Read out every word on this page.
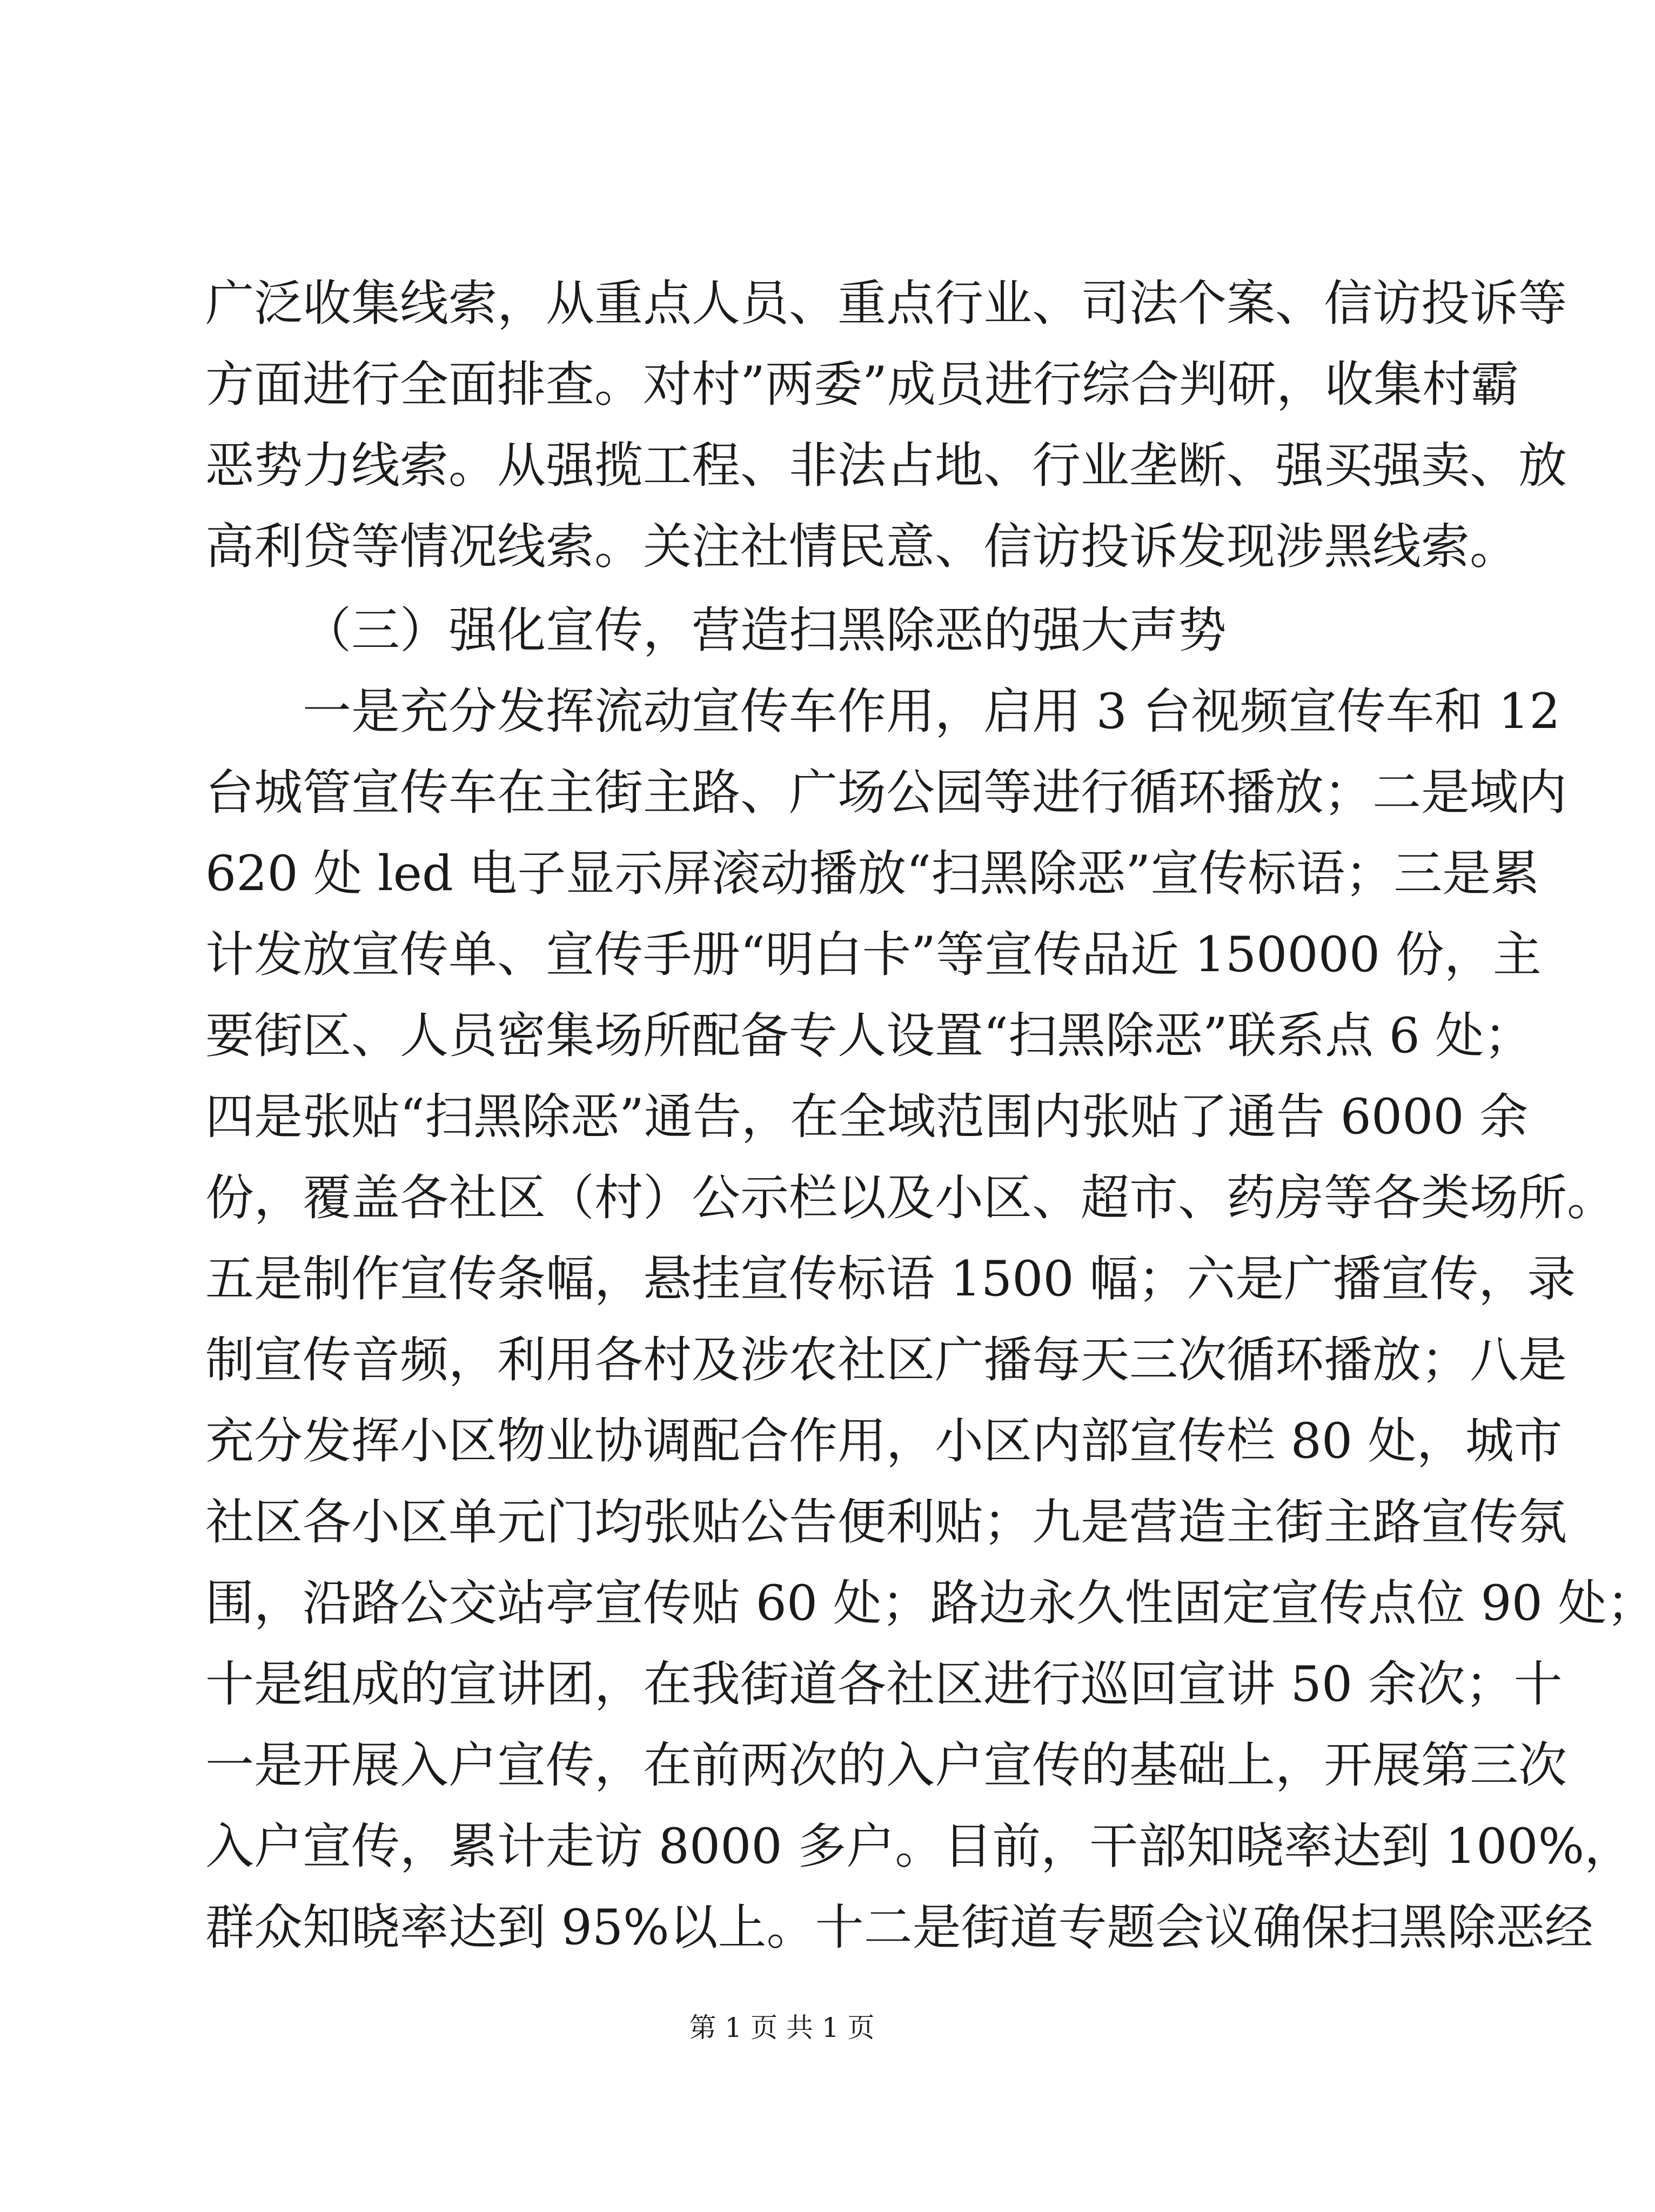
广泛收集线索，从重点人员、重点行业、司法个案、信访投诉等
方面进行全面排查。对村”两委”成员进行综合判研，收集村霸
恶势力线索。从强揽工程、非法占地、行业垄断、强买强卖、放
高利贷等情况线索。关注社情民意、信访投诉发现涉黑线索。
（三）强化宣传，营造扫黑除恶的强大声势
一是充分发挥流动宣传车作用，启用 3 台视频宣传车和 12
台城管宣传车在主街主路、广场公园等进行循环播放；二是域内
620 处 led 电子显示屏滚动播放“扫黑除恶”宣传标语；三是累
计发放宣传单、宣传手册“明白卡”等宣传品近 150000 份，主
要街区、人员密集场所配备专人设置“扫黑除恶”联系点 6 处；
四是张贴“扫黑除恶”通告，在全域范围内张贴了通告 6000 余
份，覆盖各社区（村）公示栏以及小区、超市、药房等各类场所。
五是制作宣传条幅，悬挂宣传标语 1500 幅；六是广播宣传，录
制宣传音频，利用各村及涉农社区广播每天三次循环播放；八是
充分发挥小区物业协调配合作用，小区内部宣传栏 80 处，城市
社区各小区单元门均张贴公告便利贴；九是营造主街主路宣传氛
围，沿路公交站亭宣传贴 60 处；路边永久性固定宣传点位 90 处；
十是组成的宣讲团，在我街道各社区进行巡回宣讲 50 余次；十
一是开展入户宣传，在前两次的入户宣传的基础上，开展第三次
入户宣传，累计走访 8000 多户。目前，干部知晓率达到 100%，
群众知晓率达到 95%以上。十二是街道专题会议确保扫黑除恶经
第 1 页 共 1 页
